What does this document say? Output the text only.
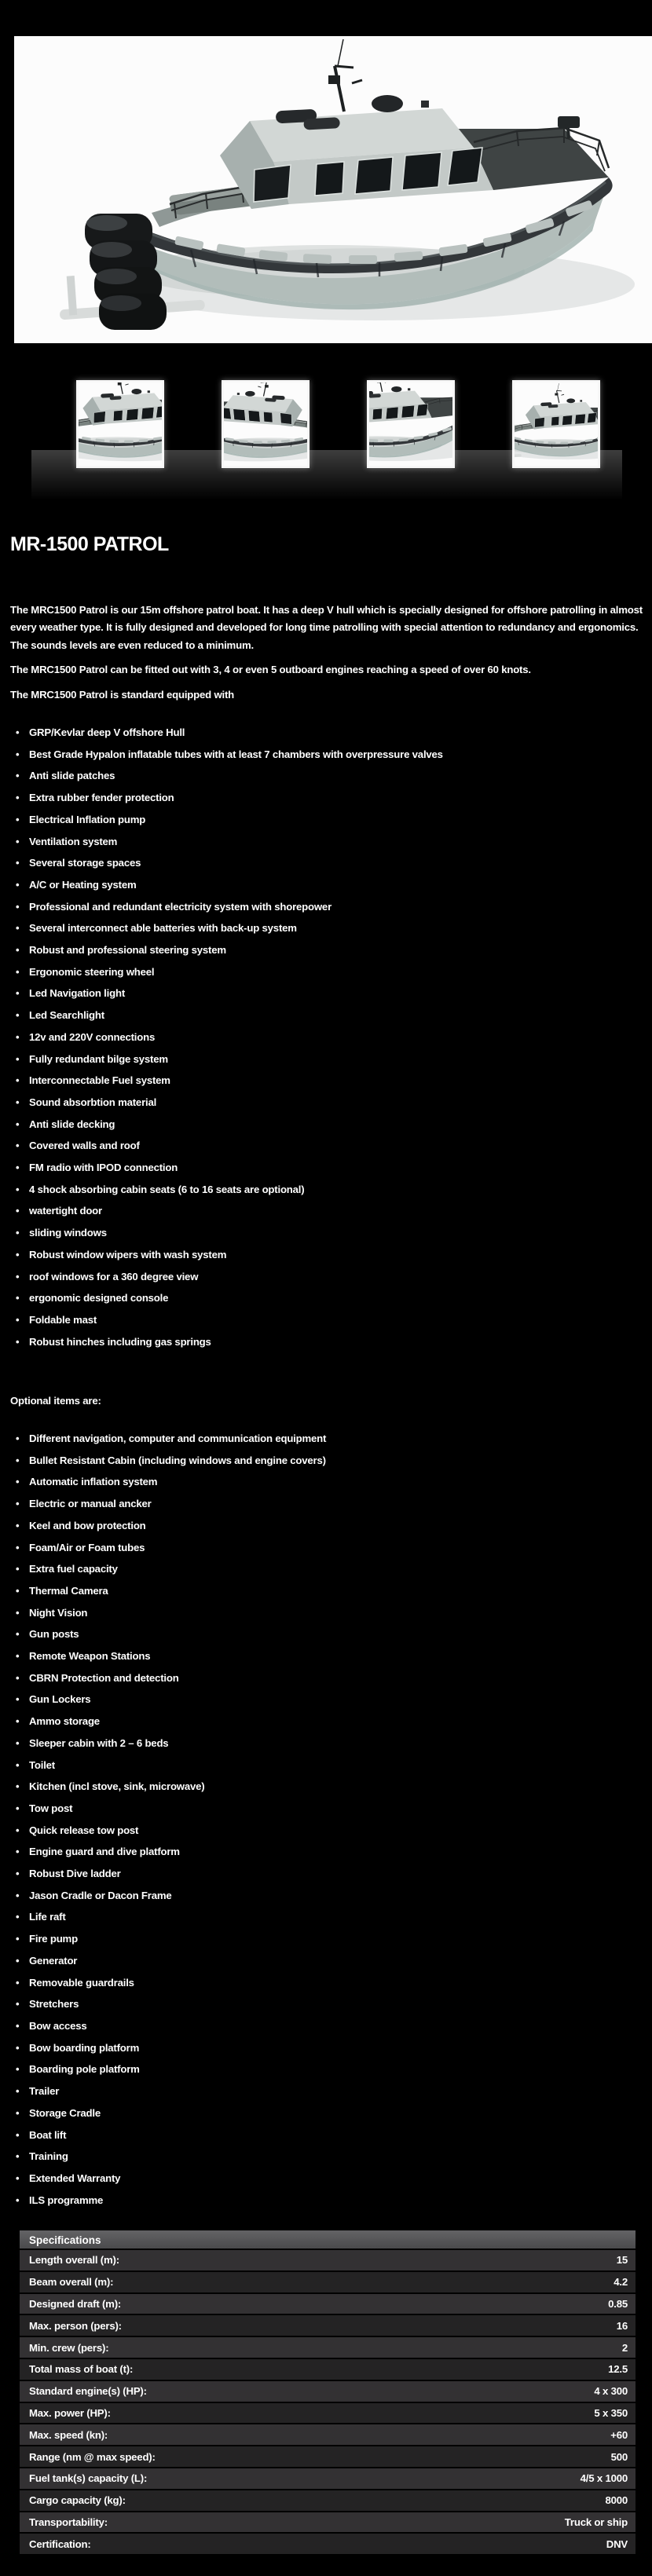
MR-1500 PATROL

The MRC1500 Patrol is our 15m offshore patrol boat. It has a deep V hull which is specially designed for offshore patrolling in almost every weather type. It is fully designed and developed for long time patrolling with special attention to redundancy and ergonomics. The sounds levels are even reduced to a minimum.

The MRC1500 Patrol can be fitted out with 3, 4 or even 5 outboard engines reaching a speed of over 60 knots.

The MRC1500 Patrol is standard equipped with

• GRP/Kevlar deep V offshore Hull
• Best Grade Hypalon inflatable tubes with at least 7 chambers with overpressure valves
• Anti slide patches
• Extra rubber fender protection
• Electrical Inflation pump
• Ventilation system
• Several storage spaces
• A/C or Heating system
• Professional and redundant electricity system with shorepower
• Several interconnect able batteries with back-up system
• Robust and professional steering system
• Ergonomic steering wheel
• Led Navigation light
• Led Searchlight
• 12v and 220V connections
• Fully redundant bilge system
• Interconnectable Fuel system
• Sound absorbtion material
• Anti slide decking
• Covered walls and roof
• FM radio with IPOD connection
• 4 shock absorbing cabin seats (6 to 16 seats are optional)
• watertight door
• sliding windows
• Robust window wipers with wash system
• roof windows for a 360 degree view
• ergonomic designed console
• Foldable mast
• Robust hinches including gas springs
Optional items are:
• Different navigation, computer and communication equipment
• Bullet Resistant Cabin (including windows and engine covers)
• Automatic inflation system
• Electric or manual ancker
• Keel and bow protection
• Foam/Air or Foam tubes
• Extra fuel capacity
• Thermal Camera
• Night Vision
• Gun posts
• Remote Weapon Stations
• CBRN Protection and detection
• Gun Lockers
• Ammo storage
• Sleeper cabin with 2 – 6 beds
• Toilet
• Kitchen (incl stove, sink, microwave)
• Tow post
• Quick release tow post
• Engine guard and dive platform
• Robust Dive ladder
• Jason Cradle or Dacon Frame
• Life raft
• Fire pump
• Generator
• Removable guardrails
• Stretchers
• Bow access
• Bow boarding platform
• Boarding pole platform
• Trailer
• Storage Cradle
• Boat lift
• Training
• Extended Warranty
• ILS programme
Specifications
Length overall (m):	15
Beam overall (m):	4.2
Designed draft (m):	0.85
Max. person (pers):	16
Min. crew (pers):	2
Total mass of boat (t):	12.5
Standard engine(s) (HP):	4 x 300
Max. power (HP):	5 x 350
Max. speed (kn):	+60
Range (nm @ max speed):	500
Fuel tank(s) capacity (L):	4/5 x 1000
Cargo capacity (kg):	8000
Transportability:	Truck or ship
Certification:	DNV
